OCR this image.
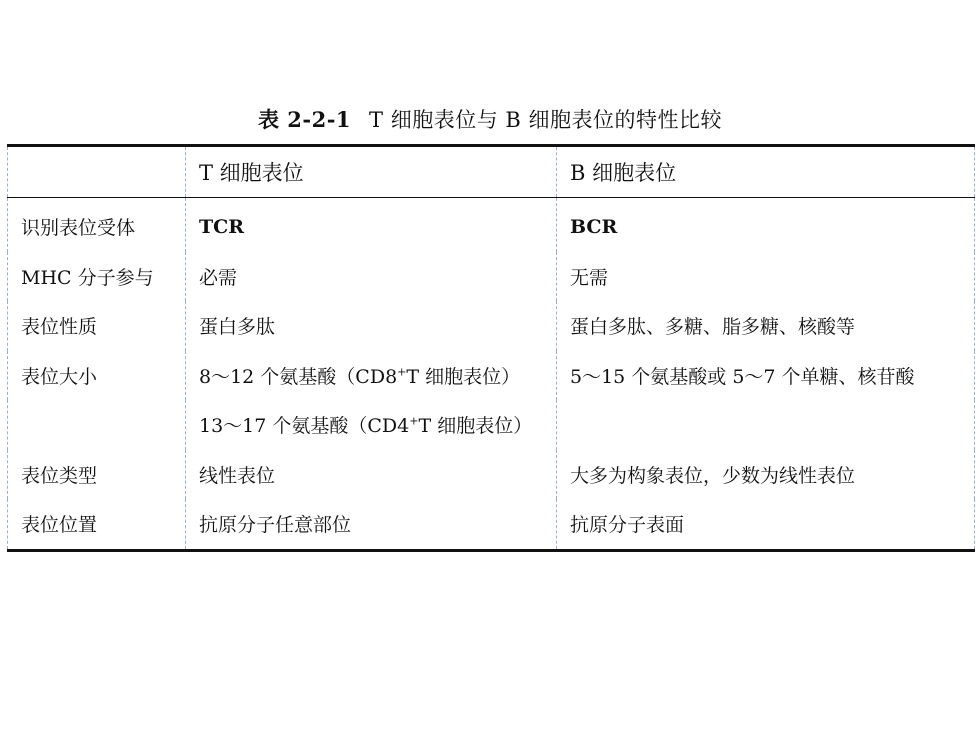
表 2-2-1 T 细胞表位与 B 细胞表位的特性比较
	T 细胞表位	B 细胞表位
识别表位受体	TCR	BCR
MHC 分子参与	必需	无需
表位性质	蛋白多肽	蛋白多肽、多糖、脂多糖、核酸等
表位大小	8～12 个氨基酸（CD8+T 细胞表位）	5～15 个氨基酸或 5～7 个单糖、核苷酸
	13～17 个氨基酸（CD4+T 细胞表位）	
表位类型	线性表位	大多为构象表位，少数为线性表位
表位位置	抗原分子任意部位	抗原分子表面
